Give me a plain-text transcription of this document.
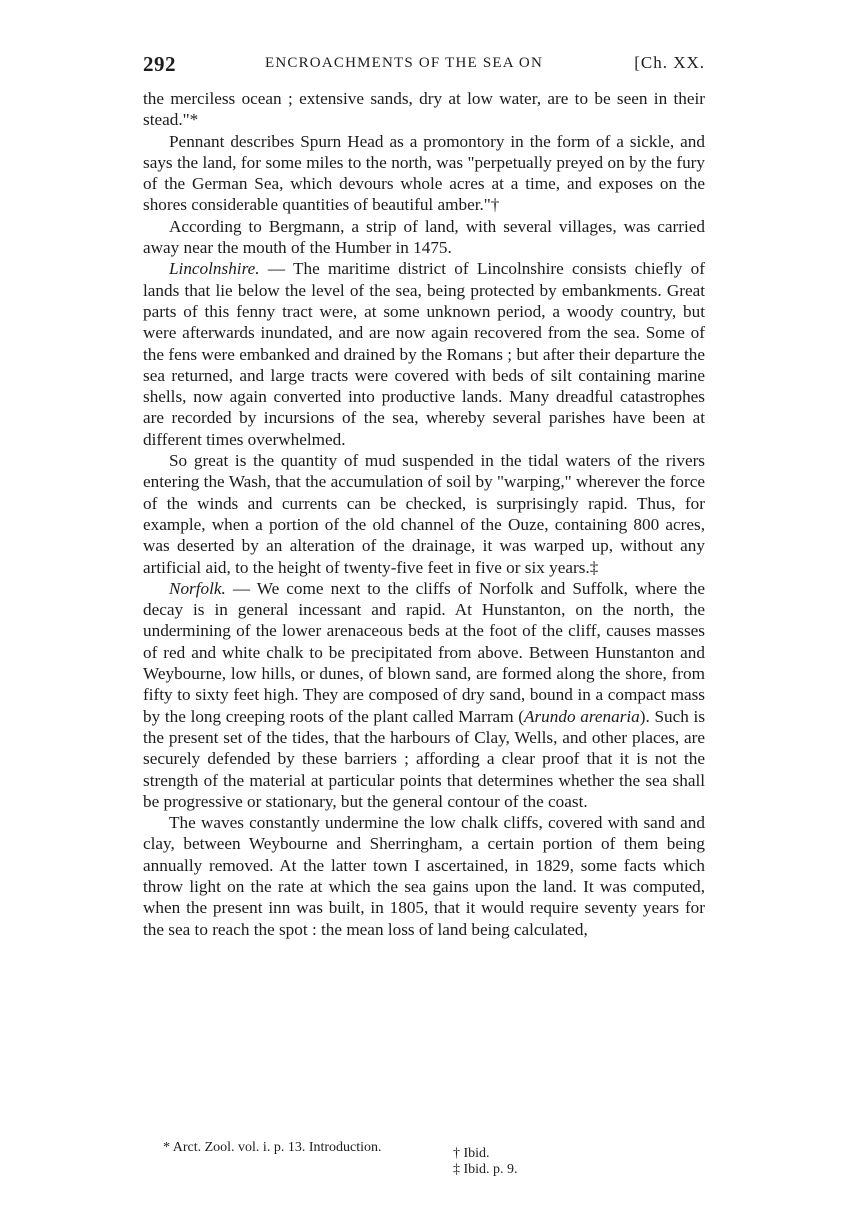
292	ENCROACHMENTS OF THE SEA ON	[Ch. XX.

the merciless ocean ; extensive sands, dry at low water, are to be seen in their stead."*

Pennant describes Spurn Head as a promontory in the form of a sickle, and says the land, for some miles to the north, was "perpetually preyed on by the fury of the German Sea, which devours whole acres at a time, and exposes on the shores considerable quantities of beautiful amber."†

According to Bergmann, a strip of land, with several villages, was carried away near the mouth of the Humber in 1475.

Lincolnshire. — The maritime district of Lincolnshire consists chiefly of lands that lie below the level of the sea, being protected by embankments. Great parts of this fenny tract were, at some unknown period, a woody country, but were afterwards inundated, and are now again recovered from the sea. Some of the fens were embanked and drained by the Romans ; but after their departure the sea returned, and large tracts were covered with beds of silt containing marine shells, now again converted into productive lands. Many dreadful catastrophes are recorded by incursions of the sea, whereby several parishes have been at different times overwhelmed.

So great is the quantity of mud suspended in the tidal waters of the rivers entering the Wash, that the accumulation of soil by "warping," wherever the force of the winds and currents can be checked, is surprisingly rapid. Thus, for example, when a portion of the old channel of the Ouze, containing 800 acres, was deserted by an alteration of the drainage, it was warped up, without any artificial aid, to the height of twenty-five feet in five or six years.‡

Norfolk. — We come next to the cliffs of Norfolk and Suffolk, where the decay is in general incessant and rapid. At Hunstanton, on the north, the undermining of the lower arenaceous beds at the foot of the cliff, causes masses of red and white chalk to be precipitated from above. Between Hunstanton and Weybourne, low hills, or dunes, of blown sand, are formed along the shore, from fifty to sixty feet high. They are composed of dry sand, bound in a compact mass by the long creeping roots of the plant called Marram (Arundo arenaria). Such is the present set of the tides, that the harbours of Clay, Wells, and other places, are securely defended by these barriers ; affording a clear proof that it is not the strength of the material at particular points that determines whether the sea shall be progressive or stationary, but the general contour of the coast.

The waves constantly undermine the low chalk cliffs, covered with sand and clay, between Weybourne and Sherringham, a certain portion of them being annually removed. At the latter town I ascertained, in 1829, some facts which throw light on the rate at which the sea gains upon the land. It was computed, when the present inn was built, in 1805, that it would require seventy years for the sea to reach the spot : the mean loss of land being calculated,

* Arct. Zool. vol. i. p. 13. Introduction.	† Ibid.
‡ Ibid. p. 9.
